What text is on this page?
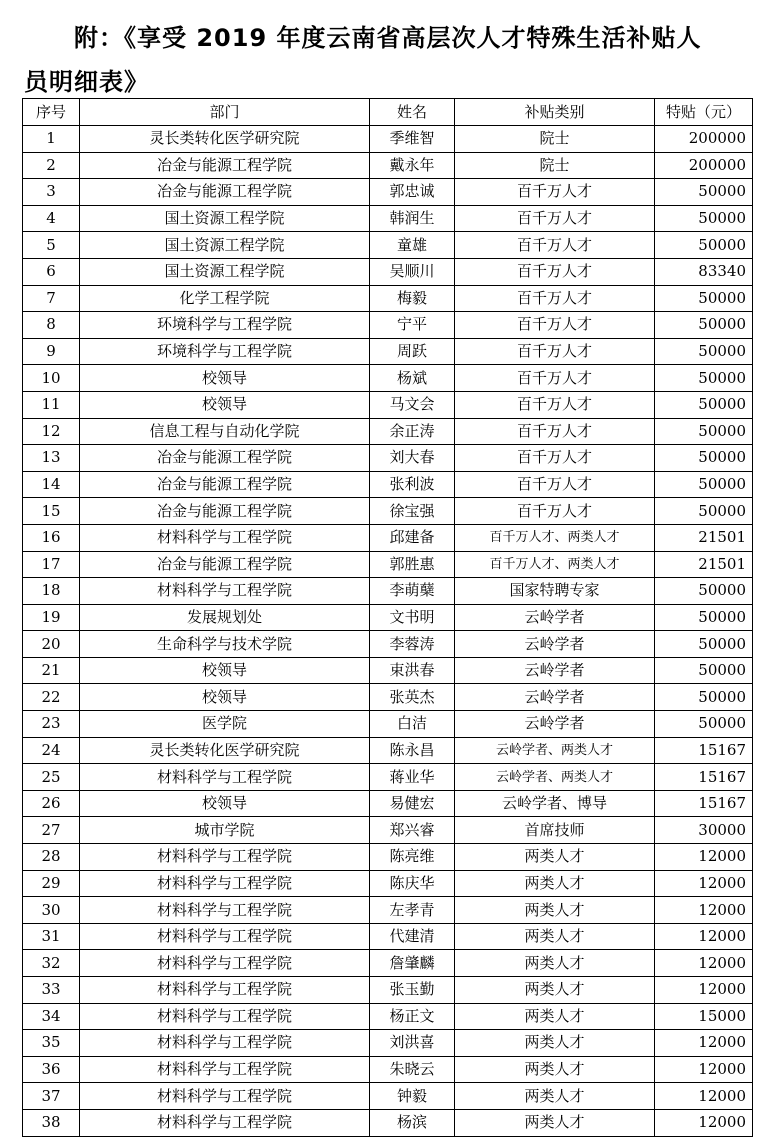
附：《享受 2019 年度云南省高层次人才特殊生活补贴人
员明细表》
序号	部门	姓名	补贴类别	特贴（元）
1	灵长类转化医学研究院	季维智	院士	200000
2	冶金与能源工程学院	戴永年	院士	200000
3	冶金与能源工程学院	郭忠诚	百千万人才	50000
4	国土资源工程学院	韩润生	百千万人才	50000
5	国土资源工程学院	童雄	百千万人才	50000
6	国土资源工程学院	吴顺川	百千万人才	83340
7	化学工程学院	梅毅	百千万人才	50000
8	环境科学与工程学院	宁平	百千万人才	50000
9	环境科学与工程学院	周跃	百千万人才	50000
10	校领导	杨斌	百千万人才	50000
11	校领导	马文会	百千万人才	50000
12	信息工程与自动化学院	余正涛	百千万人才	50000
13	冶金与能源工程学院	刘大春	百千万人才	50000
14	冶金与能源工程学院	张利波	百千万人才	50000
15	冶金与能源工程学院	徐宝强	百千万人才	50000
16	材料科学与工程学院	邱建备	百千万人才、两类人才	21501
17	冶金与能源工程学院	郭胜惠	百千万人才、两类人才	21501
18	材料科学与工程学院	李萌蘖	国家特聘专家	50000
19	发展规划处	文书明	云岭学者	50000
20	生命科学与技术学院	李蓉涛	云岭学者	50000
21	校领导	束洪春	云岭学者	50000
22	校领导	张英杰	云岭学者	50000
23	医学院	白洁	云岭学者	50000
24	灵长类转化医学研究院	陈永昌	云岭学者、两类人才	15167
25	材料科学与工程学院	蒋业华	云岭学者、两类人才	15167
26	校领导	易健宏	云岭学者、博导	15167
27	城市学院	郑兴睿	首席技师	30000
28	材料科学与工程学院	陈亮维	两类人才	12000
29	材料科学与工程学院	陈庆华	两类人才	12000
30	材料科学与工程学院	左孝青	两类人才	12000
31	材料科学与工程学院	代建清	两类人才	12000
32	材料科学与工程学院	詹肇麟	两类人才	12000
33	材料科学与工程学院	张玉勤	两类人才	12000
34	材料科学与工程学院	杨正文	两类人才	15000
35	材料科学与工程学院	刘洪喜	两类人才	12000
36	材料科学与工程学院	朱晓云	两类人才	12000
37	材料科学与工程学院	钟毅	两类人才	12000
38	材料科学与工程学院	杨滨	两类人才	12000
